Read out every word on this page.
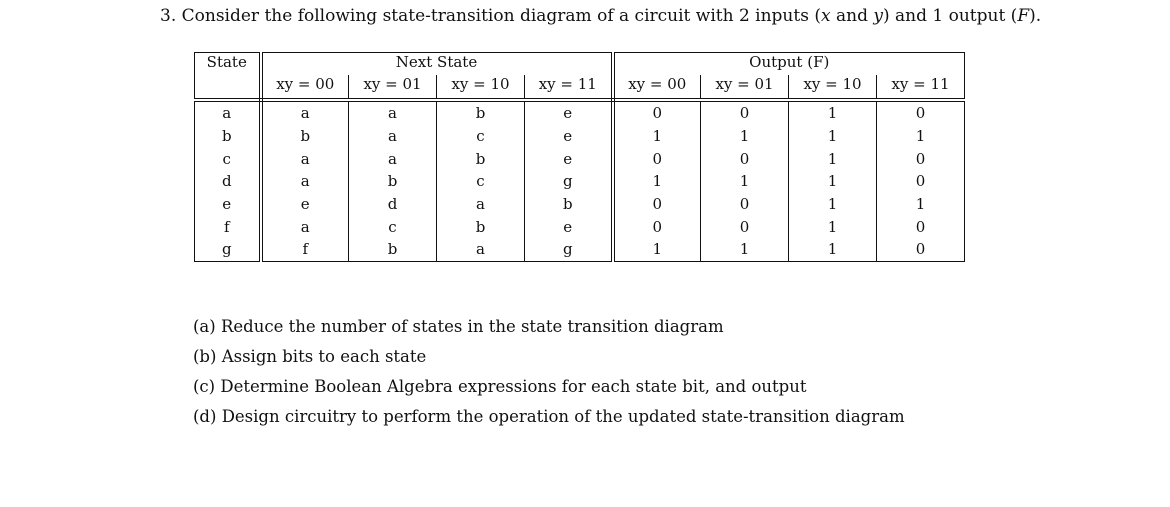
3. Consider the following state-transition diagram of a circuit with 2 inputs (x and y) and 1 output (F).
State	Next State				Output (F)			
	xy = 00	xy = 01	xy = 10	xy = 11	xy = 00	xy = 01	xy = 10	xy = 11
a	a	a	b	e	0	0	1	0
b	b	a	c	e	1	1	1	1
c	a	a	b	e	0	0	1	0
d	a	b	c	g	1	1	1	0
e	e	d	a	b	0	0	1	1
f	a	c	b	e	0	0	1	0
g	f	b	a	g	1	1	1	0
(a) Reduce the number of states in the state transition diagram
(b) Assign bits to each state
(c) Determine Boolean Algebra expressions for each state bit, and output
(d) Design circuitry to perform the operation of the updated state-transition diagram
